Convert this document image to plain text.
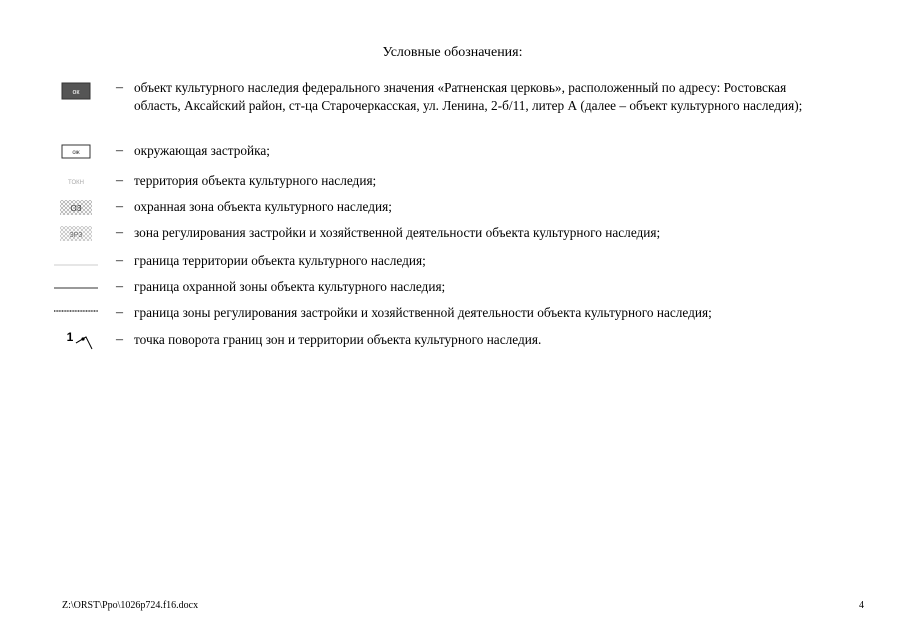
Условные обозначения:
ок	– объект культурного наследия федерального значения «Ратненская церковь», расположенный по адресу: Ростовская область, Аксайский район, ст-ца Старочеркасская, ул. Ленина, 2-б/11, литер А (далее – объект культурного наследия);
ож	– окружающая застройка;
ТОКН – территория объекта культурного наследия;
ОЗ – охранная зона объекта культурного наследия;
ЗРЗ – зона регулирования застройки и хозяйственной деятельности объекта культурного наследия;
– граница территории объекта культурного наследия;
– граница охранной зоны объекта культурного наследия;
– граница зоны регулирования застройки и хозяйственной деятельности объекта культурного наследия;
1	– точка поворота границ зон и территории объекта культурного наследия.
Z:\ORST\Ppo\1026p724.f16.docx	4
